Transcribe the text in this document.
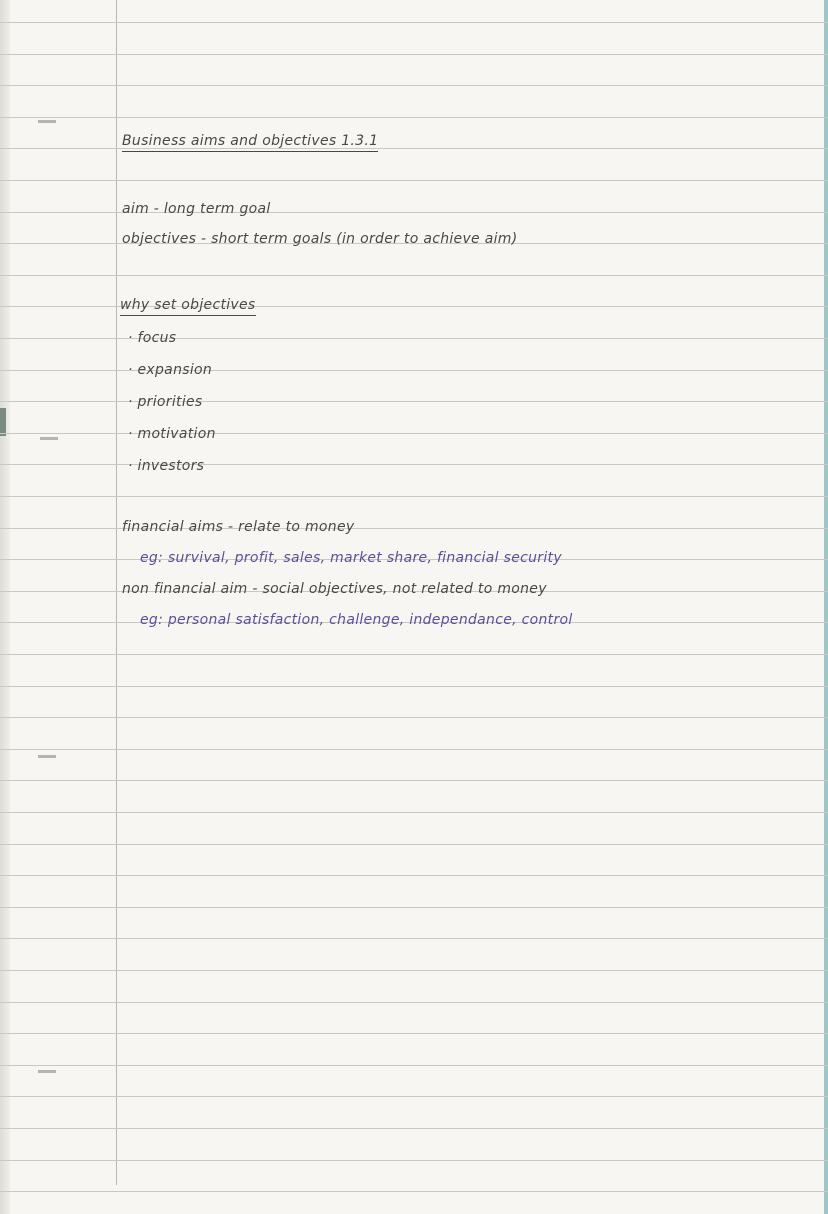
Business aims and objectives 1.3.1
aim - long term goal
objectives - short term goals (in order to achieve aim)
why set objectives
· focus
· expansion
· priorities
· motivation
· investors
financial aims - relate to money
eg: survival, profit, sales, market share, financial security
non financial aim - social objectives, not related to money
eg: personal satisfaction, challenge, independance, control
